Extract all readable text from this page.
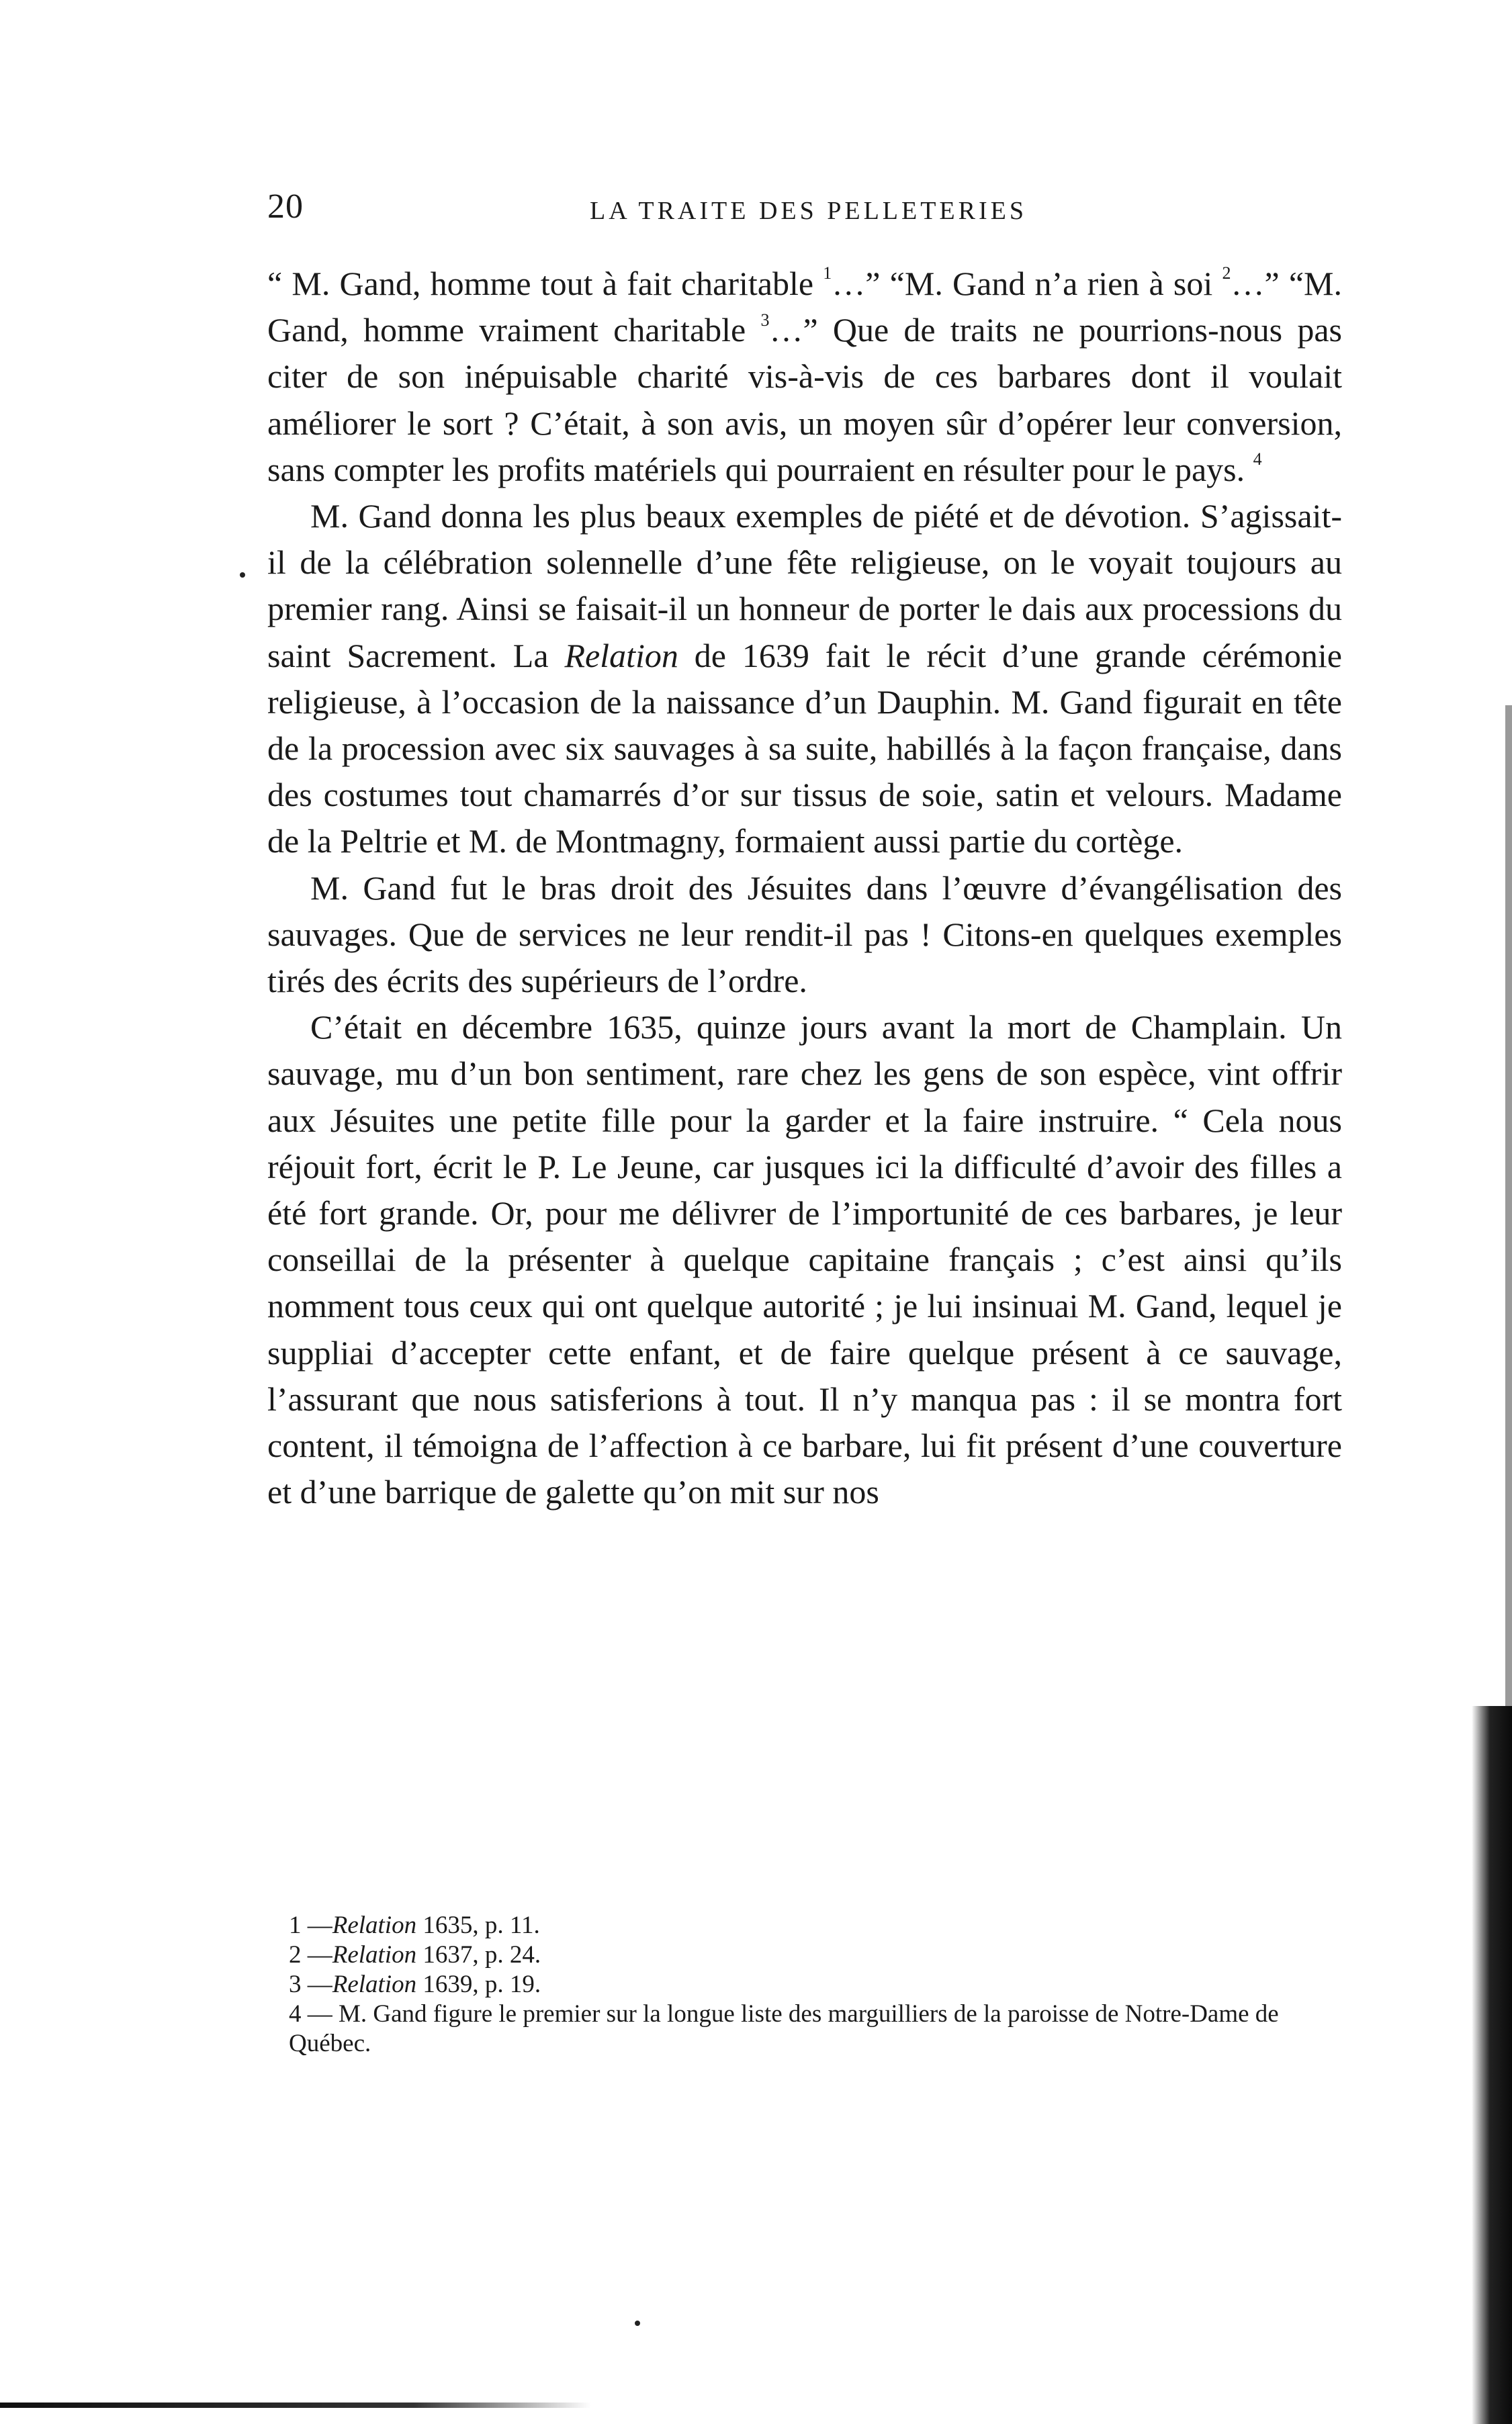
20	LA TRAITE DES PELLETERIES

“ M. Gand, homme tout à fait charitable $^1$…” “M. Gand n’a rien à soi $^2$…” “M. Gand, homme vraiment charitable $^3$…” Que de traits ne pourrions-nous pas citer de son inépuisable charité vis-à-vis de ces barbares dont il voulait améliorer le sort ? C’était, à son avis, un moyen sûr d’opérer leur conversion, sans compter les profits matériels qui pourraient en résulter pour le pays. $^4$

M. Gand donna les plus beaux exemples de piété et de dévotion. S’agissait-il de la célébration solennelle d’une fête religieuse, on le voyait toujours au premier rang. Ainsi se faisait-il un honneur de porter le dais aux processions du saint Sacrement. La Relation de 1639 fait le récit d’une grande cérémonie religieuse, à l’occasion de la naissance d’un Dauphin. M. Gand figurait en tête de la procession avec six sauvages à sa suite, habillés à la façon française, dans des costumes tout chamarrés d’or sur tissus de soie, satin et velours. Madame de la Peltrie et M. de Montmagny, formaient aussi partie du cortège.

M. Gand fut le bras droit des Jésuites dans l’œuvre d’évangélisation des sauvages. Que de services ne leur rendit-il pas ! Citons-en quelques exemples tirés des écrits des supérieurs de l’ordre.

C’était en décembre 1635, quinze jours avant la mort de Champlain. Un sauvage, mu d’un bon sentiment, rare chez les gens de son espèce, vint offrir aux Jésuites une petite fille pour la garder et la faire instruire. “ Cela nous réjouit fort, écrit le P. Le Jeune, car jusques ici la difficulté d’avoir des filles a été fort grande. Or, pour me délivrer de l’importunité de ces barbares, je leur conseillai de la présenter à quelque capitaine français ; c’est ainsi qu’ils nomment tous ceux qui ont quelque autorité ; je lui insinuai M. Gand, lequel je suppliai d’accepter cette enfant, et de faire quelque présent à ce sauvage, l’assurant que nous satisferions à tout. Il n’y manqua pas : il se montra fort content, il témoigna de l’affection à ce barbare, lui fit présent d’une couverture et d’une barrique de galette qu’on mit sur nos

1 —Relation 1635, p. 11.

2 —Relation 1637, p. 24.

3 —Relation 1639, p. 19.

4 — M. Gand figure le premier sur la longue liste des marguilliers de la paroisse de Notre-Dame de Québec.
